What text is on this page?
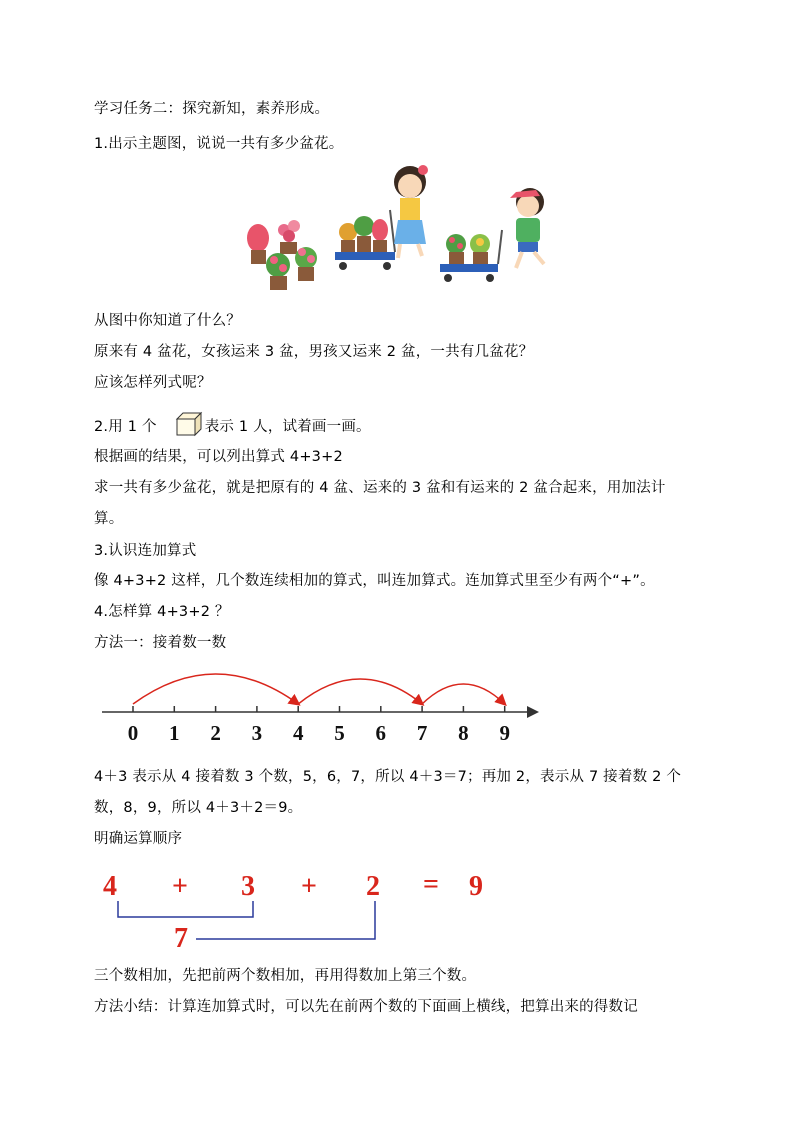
学习任务二：探究新知，素养形成。

1.出示主题图，说说一共有多少盆花。

从图中你知道了什么？

原来有 4 盆花，女孩运来 3 盆，男孩又运来 2 盆，一共有几盆花？

应该怎样列式呢？

2.用 1 个	表示 1 人，试着画一画。

根据画的结果，可以列出算式 4+3+2

求一共有多少盆花，就是把原有的 4 盆、运来的 3 盆和有运来的 2 盆合起来，用加法计

算。

3.认识连加算式

像 4+3+2 这样，几个数连续相加的算式，叫连加算式。连加算式里至少有两个“+”。

4.怎样算 4+3+2 ？

方法一：接着数一数

0 1 2 3 4 5 6 7 8 9

4＋3 表示从 4 接着数 3 个数，5，6，7，所以 4＋3＝7；再加 2，表示从 7 接着数 2 个

数，8，9，所以 4＋3＋2＝9。

明确运算顺序

4 + 3 + 2 = 9
7

三个数相加，先把前两个数相加，再用得数加上第三个数。

方法小结：计算连加算式时，可以先在前两个数的下面画上横线，把算出来的得数记
